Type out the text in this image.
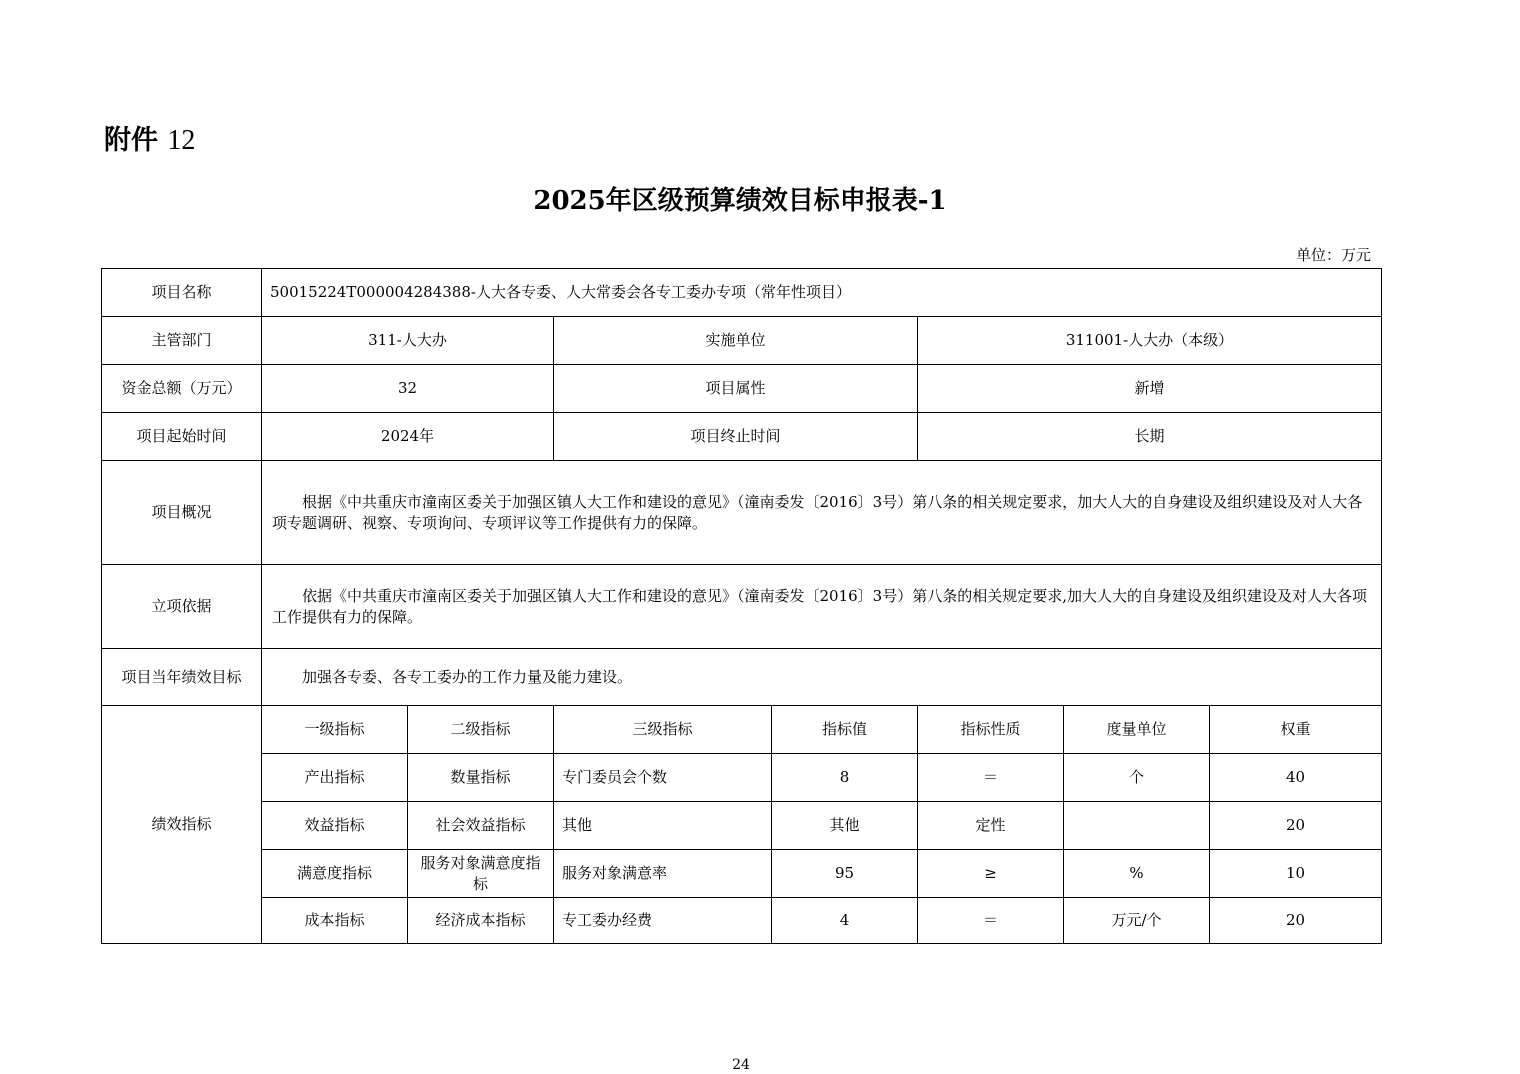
附件 12
2025年区级预算绩效目标申报表-1
单位：万元
项目名称	50015224T000004284388-人大各专委、人大常委会各专工委办专项（常年性项目）						
主管部门	311-人大办		实施单位		311001-人大办（本级）		
资金总额（万元）	32		项目属性		新增		
项目起始时间	2024年		项目终止时间		长期		
项目概况	根据《中共重庆市潼南区委关于加强区镇人大工作和建设的意见》（潼南委发〔2016〕3号）第八条的相关规定要求，加大人大的自身建设及组织建设及对人大各项专题调研、视察、专项询问、专项评议等工作提供有力的保障。						
立项依据	依据《中共重庆市潼南区委关于加强区镇人大工作和建设的意见》（潼南委发〔2016〕3号）第八条的相关规定要求,加大人大的自身建设及组织建设及对人大各项工作提供有力的保障。						
项目当年绩效目标	加强各专委、各专工委办的工作力量及能力建设。						
绩效指标	一级指标	二级指标	三级指标	指标值	指标性质	度量单位	权重
	产出指标	数量指标	专门委员会个数	8	＝	个	40
	效益指标	社会效益指标	其他	其他	定性		20
	满意度指标	服务对象满意度指标	服务对象满意率	95	≥	%	10
	成本指标	经济成本指标	专工委办经费	4	＝	万元/个	20
24
